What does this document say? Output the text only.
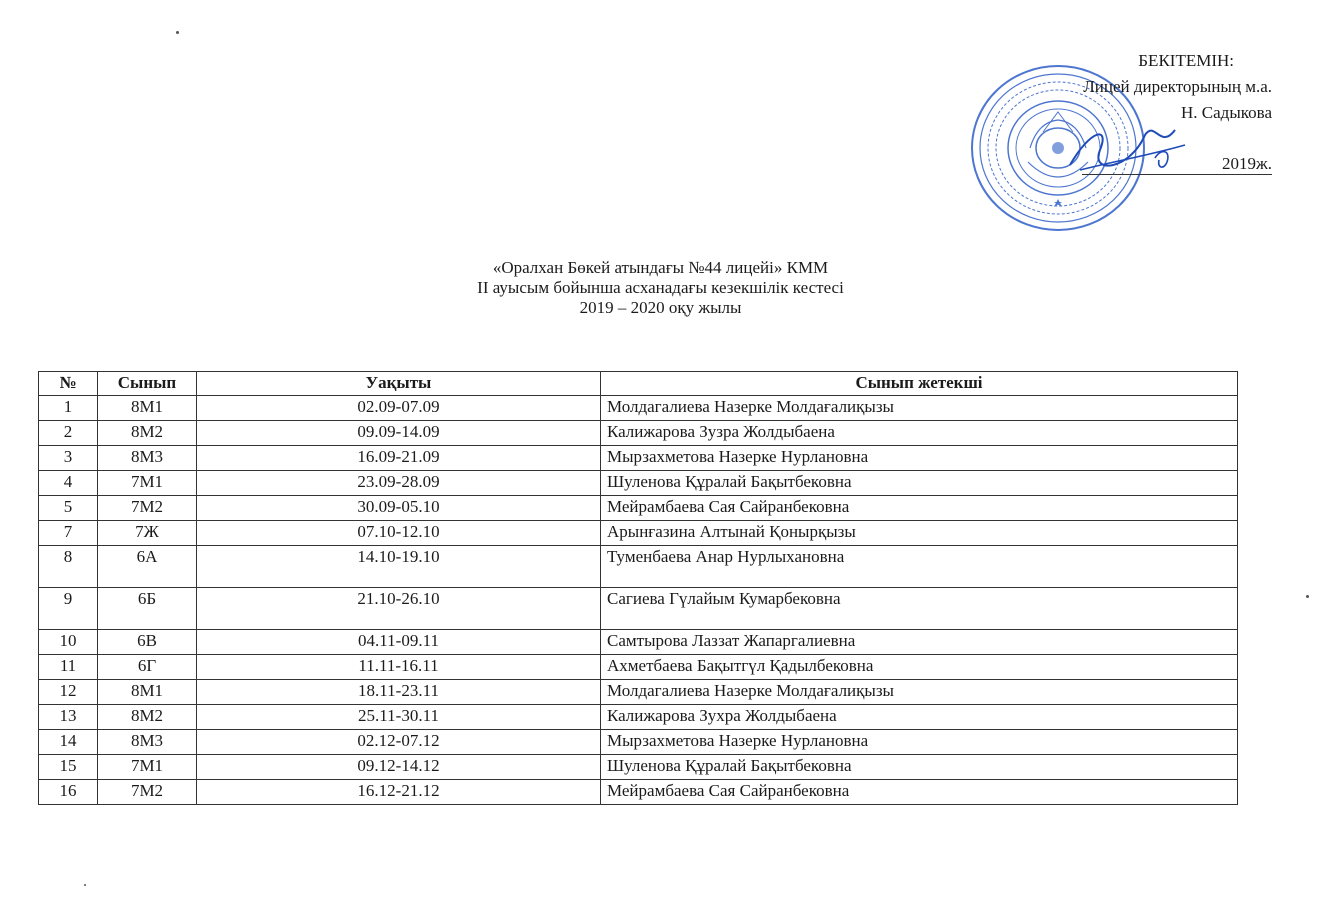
БЕКІТЕМІН:
Лицей директорының м.а.
Н. Садыкова
2019ж.
«Оралхан Бөкей атындағы №44 лицейі» КММ
ІІ ауысым бойынша асханадағы кезекшілік кестесі
2019 – 2020 оқу жылы
№	Сынып	Уақыты	Сынып жетекші
1	8М1	02.09-07.09	Молдагалиева Назерке Молдағалиқызы
2	8М2	09.09-14.09	Калижарова Зузра Жолдыбаена
3	8М3	16.09-21.09	Мырзахметова Назерке Нурлановна
4	7М1	23.09-28.09	Шуленова Құралай Бақытбековна
5	7М2	30.09-05.10	Мейрамбаева Сая Сайранбековна
7	7Ж	07.10-12.10	Арынғазина Алтынай Қонырқызы
8	6А	14.10-19.10	Туменбаева Анар Нурлыхановна
9	6Б	21.10-26.10	Сагиева Гүлайым Кумарбековна
10	6В	04.11-09.11	Самтырова Лаззат Жапаргалиевна
11	6Г	11.11-16.11	Ахметбаева Бақытгүл Қадылбековна
12	8М1	18.11-23.11	Молдагалиева Назерке Молдағалиқызы
13	8М2	25.11-30.11	Калижарова Зухра Жолдыбаена
14	8М3	02.12-07.12	Мырзахметова Назерке Нурлановна
15	7М1	09.12-14.12	Шуленова Құралай Бақытбековна
16	7М2	16.12-21.12	Мейрамбаева Сая Сайранбековна
